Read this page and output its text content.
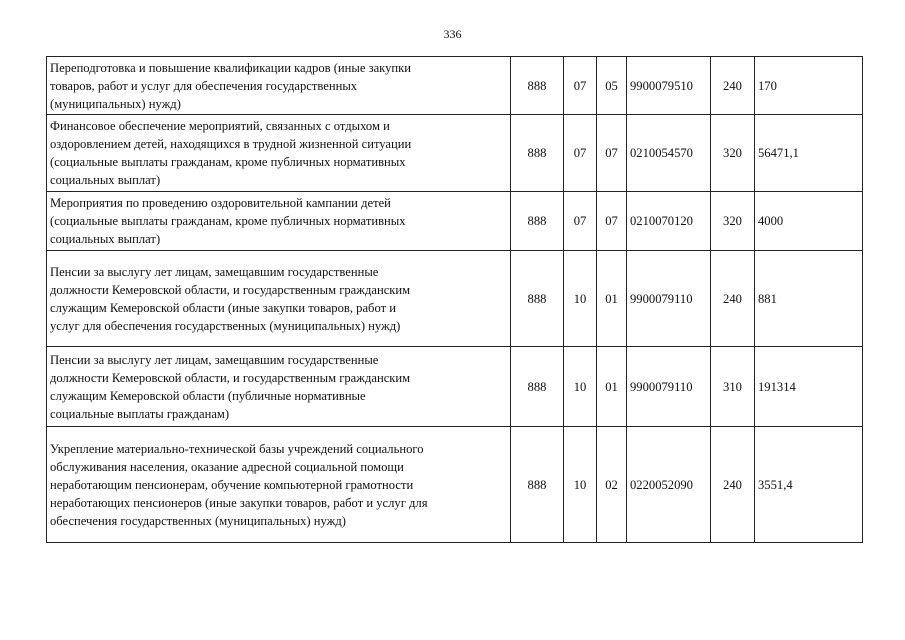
336
Переподготовка и повышение квалификации кадров (иные закупки
товаров, работ и услуг для обеспечения государственных
(муниципальных) нужд)	888	07	05	9900079510	240	170
Финансовое обеспечение мероприятий, связанных с отдыхом и
оздоровлением детей, находящихся в трудной жизненной ситуации
(социальные выплаты гражданам, кроме публичных нормативных
социальных выплат)	888	07	07	0210054570	320	56471,1
Мероприятия по проведению оздоровительной кампании детей
(социальные выплаты гражданам, кроме публичных нормативных
социальных выплат)	888	07	07	0210070120	320	4000
Пенсии за выслугу лет лицам, замещавшим государственные
должности Кемеровской области, и государственным гражданским
служащим Кемеровской области (иные закупки товаров, работ и
услуг для обеспечения государственных (муниципальных) нужд)	888	10	01	9900079110	240	881
Пенсии за выслугу лет лицам, замещавшим государственные
должности Кемеровской области, и государственным гражданским
служащим Кемеровской области (публичные нормативные
социальные выплаты гражданам)	888	10	01	9900079110	310	191314
Укрепление материально-технической базы учреждений социального
обслуживания населения, оказание адресной социальной помощи
неработающим пенсионерам, обучение компьютерной грамотности
неработающих пенсионеров (иные закупки товаров, работ и услуг для
обеспечения государственных (муниципальных) нужд)	888	10	02	0220052090	240	3551,4
